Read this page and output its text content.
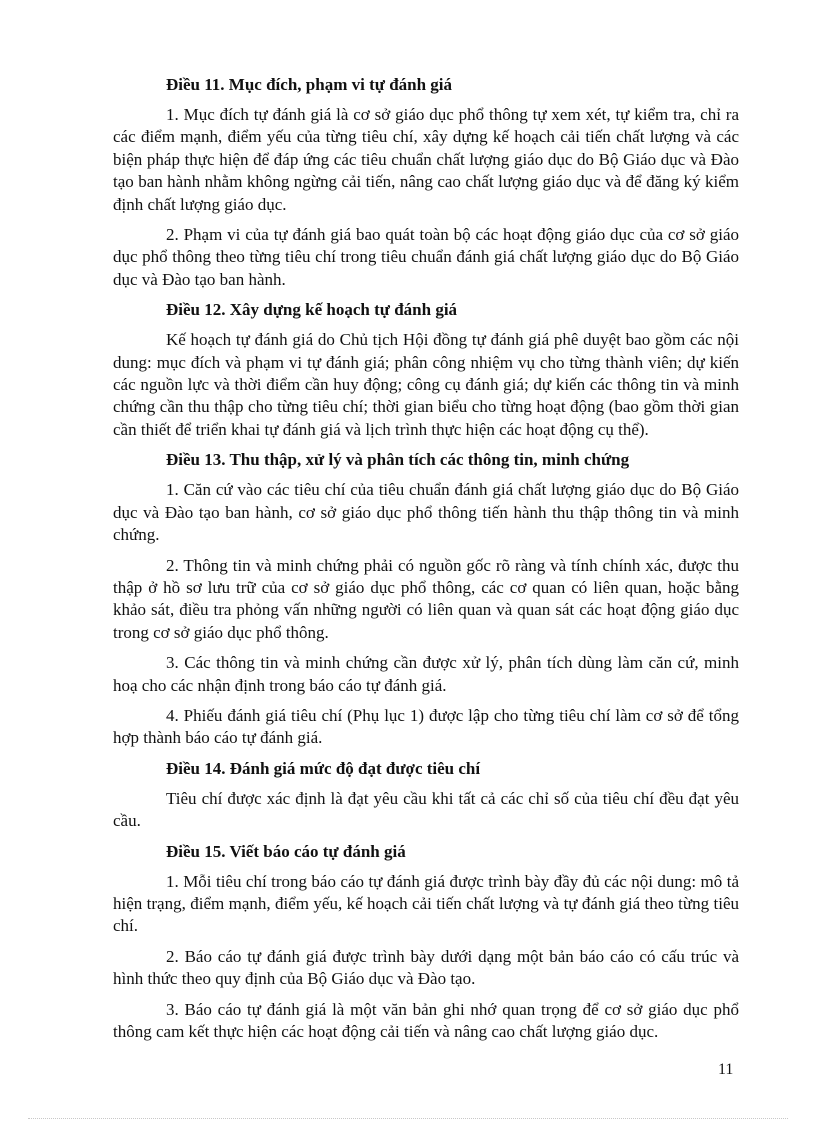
Điều 11. Mục đích, phạm vi tự đánh giá

1. Mục đích tự đánh giá là cơ sở giáo dục phổ thông tự xem xét, tự kiểm tra, chỉ ra các điểm mạnh, điểm yếu của từng tiêu chí, xây dựng kế hoạch cải tiến chất lượng và các biện pháp thực hiện để đáp ứng các tiêu chuẩn chất lượng giáo dục do Bộ Giáo dục và Đào tạo ban hành nhằm không ngừng cải tiến, nâng cao chất lượng giáo dục và để đăng ký kiểm định chất lượng giáo dục.

2. Phạm vi của tự đánh giá bao quát toàn bộ các hoạt động giáo dục của cơ sở giáo dục phổ thông theo từng tiêu chí trong tiêu chuẩn đánh giá chất lượng giáo dục do Bộ Giáo dục và Đào tạo ban hành.

Điều 12. Xây dựng kế hoạch tự đánh giá

Kế hoạch tự đánh giá do Chủ tịch Hội đồng tự đánh giá phê duyệt bao gồm các nội dung: mục đích và phạm vi tự đánh giá; phân công nhiệm vụ cho từng thành viên; dự kiến các nguồn lực và thời điểm cần huy động; công cụ đánh giá; dự kiến các thông tin và minh chứng cần thu thập cho từng tiêu chí; thời gian biểu cho từng hoạt động (bao gồm thời gian cần thiết để triển khai tự đánh giá và lịch trình thực hiện các hoạt động cụ thể).

Điều 13. Thu thập, xử lý và phân tích các thông tin, minh chứng

1. Căn cứ vào các tiêu chí của tiêu chuẩn đánh giá chất lượng giáo dục do Bộ Giáo dục và Đào tạo ban hành, cơ sở giáo dục phổ thông tiến hành thu thập thông tin và minh chứng.

2. Thông tin và minh chứng phải có nguồn gốc rõ ràng và tính chính xác, được thu thập ở hồ sơ lưu trữ của cơ sở giáo dục phổ thông, các cơ quan có liên quan, hoặc bằng khảo sát, điều tra phỏng vấn những người có liên quan và quan sát các hoạt động giáo dục trong cơ sở giáo dục phổ thông.

3. Các thông tin và minh chứng cần được xử lý, phân tích dùng làm căn cứ, minh hoạ cho các nhận định trong báo cáo tự đánh giá.

4. Phiếu đánh giá tiêu chí (Phụ lục 1) được lập cho từng tiêu chí làm cơ sở để tổng hợp thành báo cáo tự đánh giá.

Điều 14. Đánh giá mức độ đạt được tiêu chí

Tiêu chí được xác định là đạt yêu cầu khi tất cả các chỉ số của tiêu chí đều đạt yêu cầu.

Điều 15. Viết báo cáo tự đánh giá

1. Mỗi tiêu chí trong báo cáo tự đánh giá được trình bày đầy đủ các nội dung: mô tả hiện trạng, điểm mạnh, điểm yếu, kế hoạch cải tiến chất lượng và tự đánh giá theo từng tiêu chí.

2. Báo cáo tự đánh giá được trình bày dưới dạng một bản báo cáo có cấu trúc và hình thức theo quy định của Bộ Giáo dục và Đào tạo.

3. Báo cáo tự đánh giá là một văn bản ghi nhớ quan trọng để cơ sở giáo dục phổ thông cam kết thực hiện các hoạt động cải tiến và nâng cao chất lượng giáo dục.

11
